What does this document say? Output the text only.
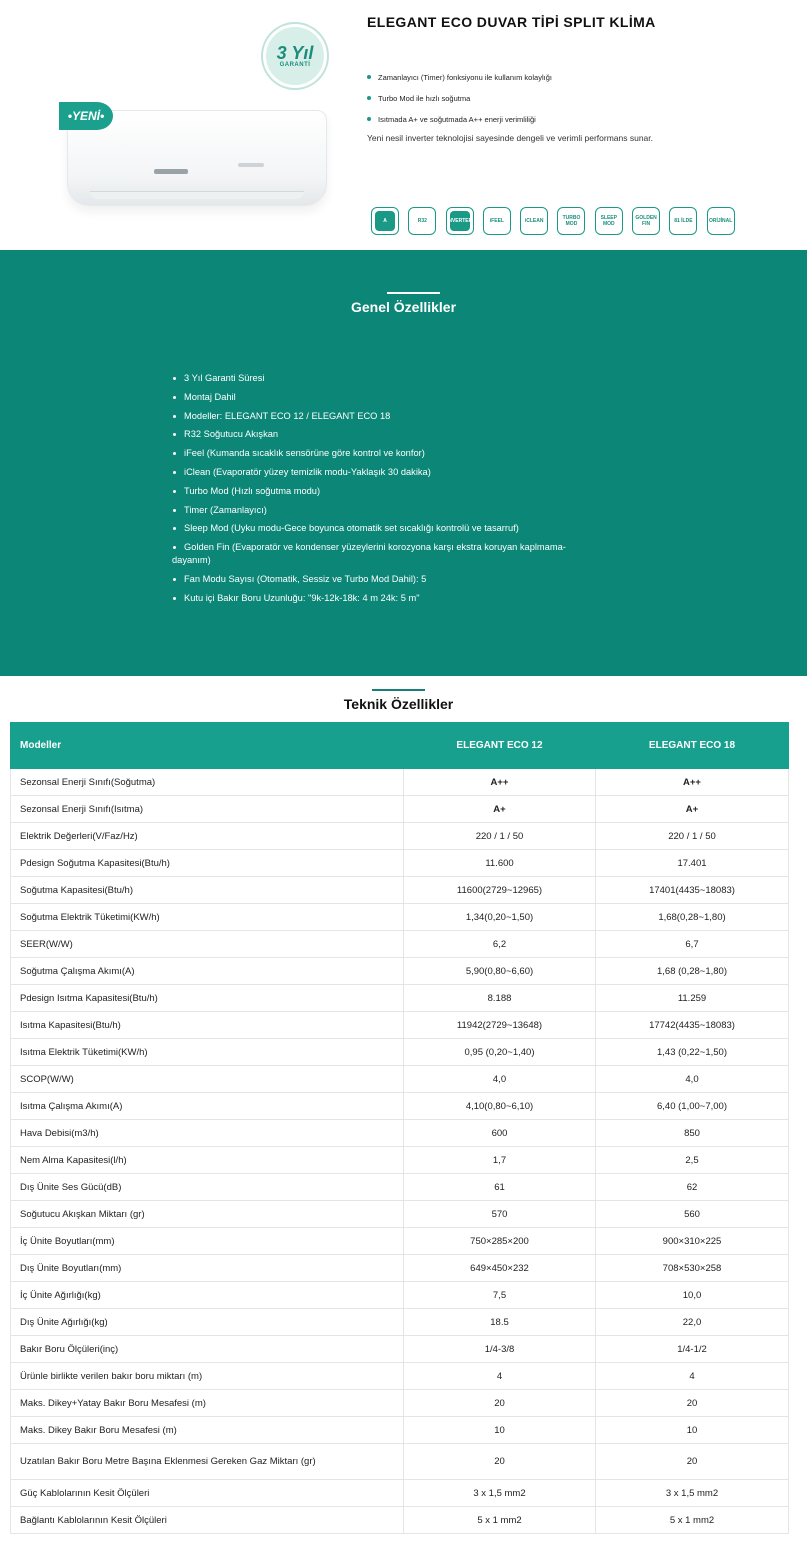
•YENİ•
3 Yıl
GARANTİ
ELEGANT ECO DUVAR TİPİ SPLIT KLİMA
Zamanlayıcı (Timer) fonksiyonu ile kullanım kolaylığı
Turbo Mod ile hızlı soğutma
Isıtmada A+ ve soğutmada A++ enerji verimliliği

Yeni nesil inverter teknolojisi sayesinde dengeli ve verimli performans sunar.

A	R32	INVERTER	iFEEL	iCLEAN	TURBO MOD
SLEEP MOD
GOLDEN FIN	81 İLDE	ORİJİNAL
Genel Özellikler
3 Yıl Garanti Süresi
Montaj Dahil
Modeller: ELEGANT ECO 12 / ELEGANT ECO 18
R32 Soğutucu Akışkan
iFeel (Kumanda sıcaklık sensörüne göre kontrol ve konfor)
iClean (Evaporatör yüzey temizlik modu-Yaklaşık 30 dakika)
Turbo Mod (Hızlı soğutma modu)
Timer (Zamanlayıcı)
Sleep Mod (Uyku modu-Gece boyunca otomatik set sıcaklığı kontrolü ve tasarruf)
Golden Fin (Evaporatör ve kondenser yüzeylerini korozyona karşı ekstra koruyan kaplmama-dayanım)
Fan Modu Sayısı (Otomatik, Sessiz ve Turbo Mod Dahil): 5
Kutu içi Bakır Boru Uzunluğu: "9k-12k-18k: 4 m 24k: 5 m"
Teknik Özellikler
Modeller	ELEGANT ECO 12	ELEGANT ECO 18
Sezonsal Enerji Sınıfı(Soğutma)	A++	A++
Sezonsal Enerji Sınıfı(Isıtma)	A+	A+
Elektrik Değerleri(V/Faz/Hz)	220 / 1 / 50	220 / 1 / 50
Pdesign Soğutma Kapasitesi(Btu/h)	11.600	17.401
Soğutma Kapasitesi(Btu/h)	11600(2729~12965)	17401(4435~18083)
Soğutma Elektrik Tüketimi(KW/h)	1,34(0,20~1,50)	1,68(0,28~1,80)
SEER(W/W)	6,2	6,7
Soğutma Çalışma Akımı(A)	5,90(0,80~6,60)	1,68 (0,28~1,80)
Pdesign Isıtma Kapasitesi(Btu/h)	8.188	11.259
Isıtma Kapasitesi(Btu/h)	11942(2729~13648)	17742(4435~18083)
Isıtma Elektrik Tüketimi(KW/h)	0,95 (0,20~1,40)	1,43 (0,22~1,50)
SCOP(W/W)	4,0	4,0
Isıtma Çalışma Akımı(A)	4,10(0,80~6,10)	6,40 (1,00~7,00)
Hava Debisi(m3/h)	600	850
Nem Alma Kapasitesi(l/h)	1,7	2,5
Dış Ünite Ses Gücü(dB)	61	62
Soğutucu Akışkan Miktarı (gr)	570	560
İç Ünite Boyutları(mm)	750×285×200	900×310×225
Dış Ünite Boyutları(mm)	649×450×232	708×530×258
İç Ünite Ağırlığı(kg)	7,5	10,0
Dış Ünite Ağırlığı(kg)	18.5	22,0
Bakır Boru Ölçüleri(inç)	1/4-3/8	1/4-1/2
Ürünle birlikte verilen bakır boru miktarı (m)	4	4
Maks. Dikey+Yatay Bakır Boru Mesafesi (m)	20	20
Maks. Dikey Bakır Boru Mesafesi (m)	10	10
Uzatılan Bakır Boru Metre Başına Eklenmesi Gereken Gaz Miktarı (gr)	20	20
Güç Kablolarının Kesit Ölçüleri	3 x 1,5 mm2	3 x 1,5 mm2
Bağlantı Kablolarının Kesit Ölçüleri	5 x 1 mm2	5 x 1 mm2
